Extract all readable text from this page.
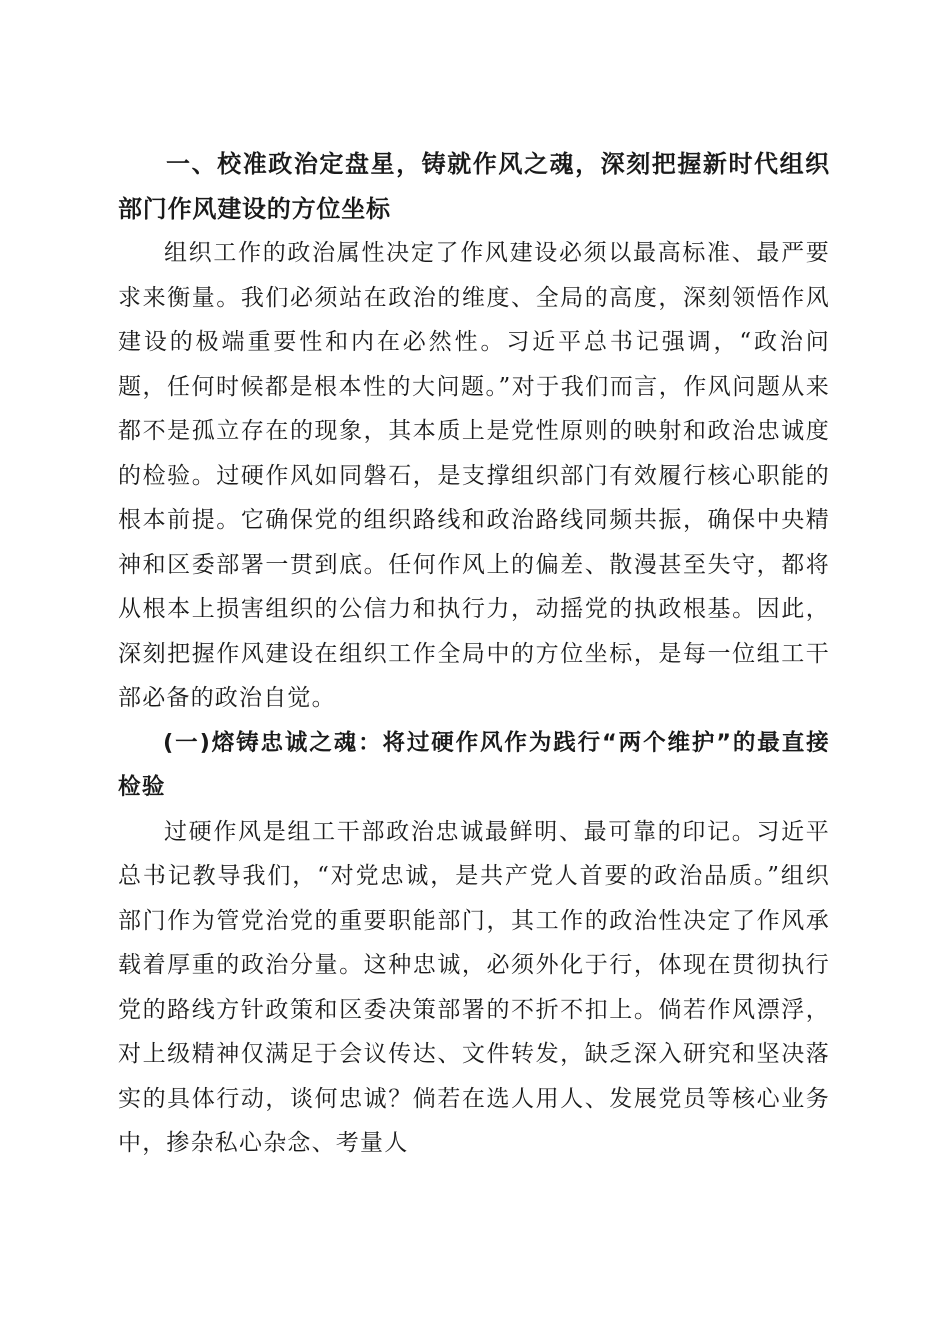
一、校准政治定盘星，铸就作风之魂，深刻把握新时代组织部门作风建设的方位坐标

组织工作的政治属性决定了作风建设必须以最高标准、最严要求来衡量。我们必须站在政治的维度、全局的高度，深刻领悟作风建设的极端重要性和内在必然性。习近平总书记强调，“政治问题，任何时候都是根本性的大问题。”对于我们而言，作风问题从来都不是孤立存在的现象，其本质上是党性原则的映射和政治忠诚度的检验。过硬作风如同磐石，是支撑组织部门有效履行核心职能的根本前提。它确保党的组织路线和政治路线同频共振，确保中央精神和区委部署一贯到底。任何作风上的偏差、散漫甚至失守，都将从根本上损害组织的公信力和执行力，动摇党的执政根基。因此，深刻把握作风建设在组织工作全局中的方位坐标，是每一位组工干部必备的政治自觉。

(一)熔铸忠诚之魂：将过硬作风作为践行“两个维护”的最直接检验

过硬作风是组工干部政治忠诚最鲜明、最可靠的印记。习近平总书记教导我们，“对党忠诚，是共产党人首要的政治品质。”组织部门作为管党治党的重要职能部门，其工作的政治性决定了作风承载着厚重的政治分量。这种忠诚，必须外化于行，体现在贯彻执行党的路线方针政策和区委决策部署的不折不扣上。倘若作风漂浮，对上级精神仅满足于会议传达、文件转发，缺乏深入研究和坚决落实的具体行动，谈何忠诚？倘若在选人用人、发展党员等核心业务中，掺杂私心杂念、考量人
